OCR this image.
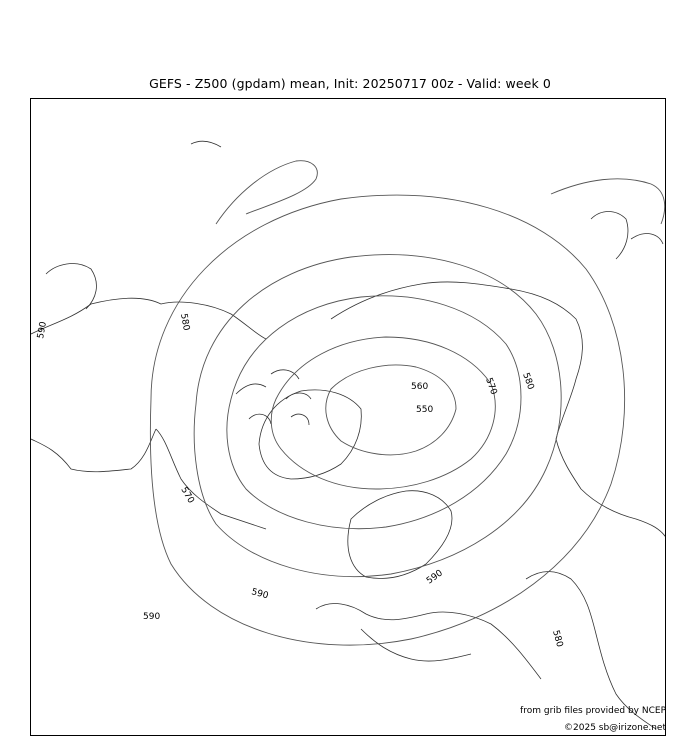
GEFS - Z500 (gpdam) mean, Init: 20250717 00z - Valid: week 0
590	580
590
560
550
570 580
570
590
580
590
from grib files provided by NCEP
©2025 sb@irizone.net
